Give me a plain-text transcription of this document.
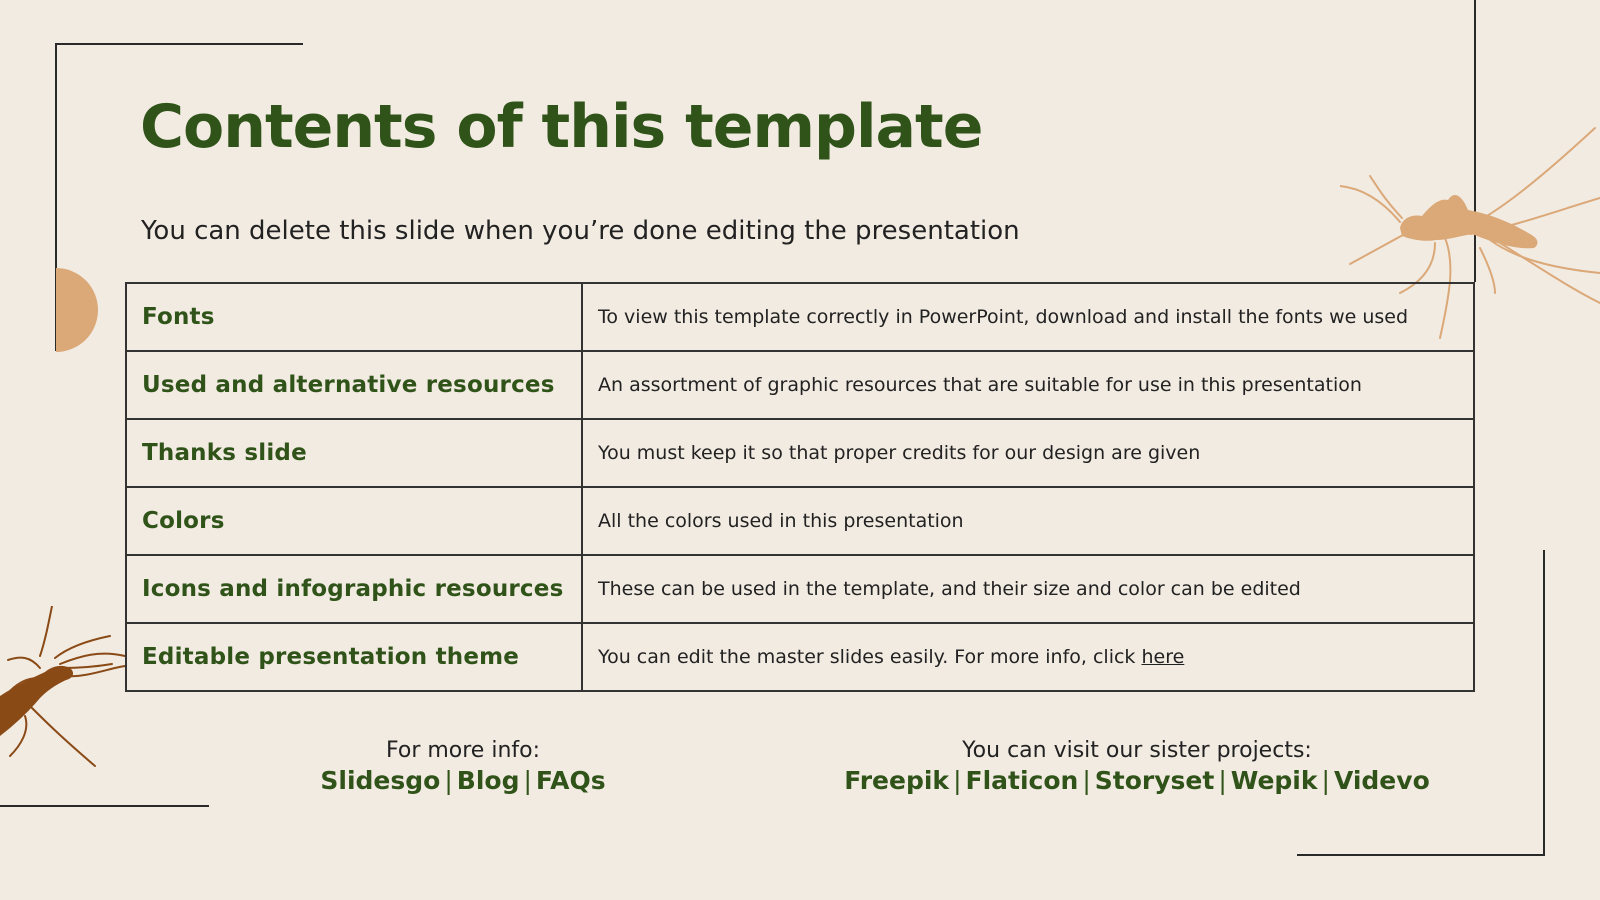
Contents of this template

You can delete this slide when you’re done editing the presentation

Fonts	To view this template correctly in PowerPoint, download and install the fonts we used
Used and alternative resources	An assortment of graphic resources that are suitable for use in this presentation
Thanks slide	You must keep it so that proper credits for our design are given
Colors	All the colors used in this presentation
Icons and infographic resources	These can be used in the template, and their size and color can be edited
Editable presentation theme	You can edit the master slides easily. For more info, click here
For more info:
Slidesgo | Blog | FAQs
You can visit our sister projects:
Freepik | Flaticon | Storyset | Wepik | Videvo
